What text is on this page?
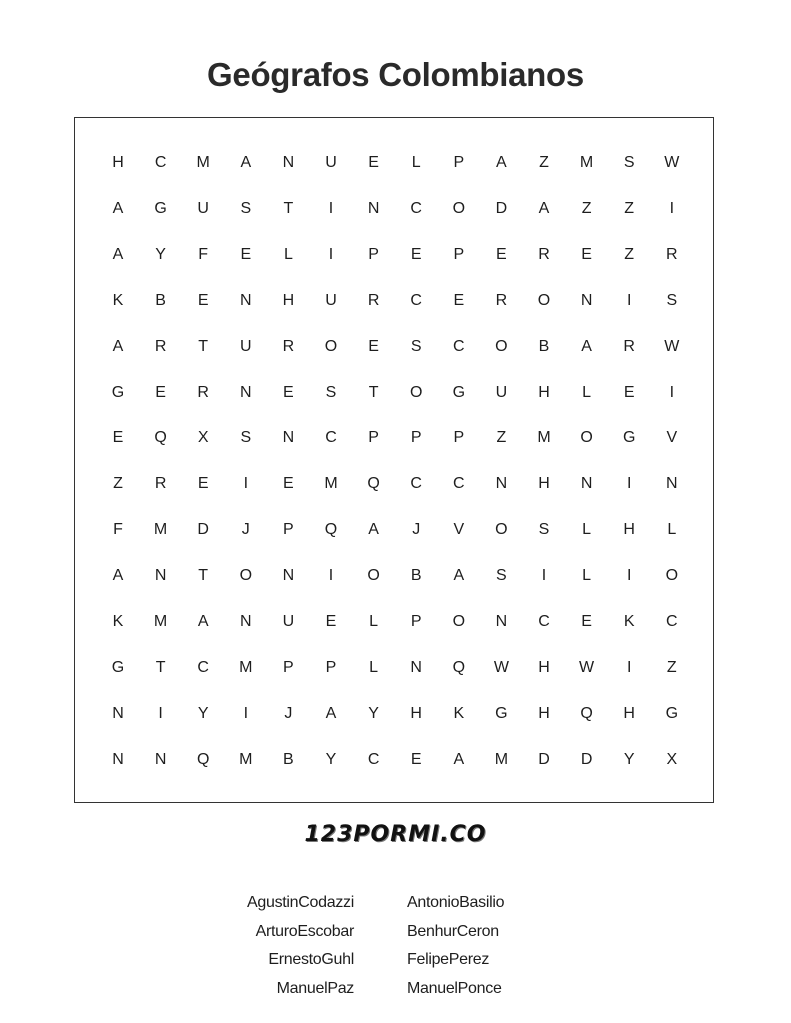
Geógrafos Colombianos
H	C	M	A	N	U	E	L	P	A	Z	M	S	W
A	G	U	S	T	I	N	C	O	D	A	Z	Z	I
A	Y	F	E	L	I	P	E	P	E	R	E	Z	R
K	B	E	N	H	U	R	C	E	R	O	N	I	S
A	R	T	U	R	O	E	S	C	O	B	A	R	W
G	E	R	N	E	S	T	O	G	U	H	L	E	I
E	Q	X	S	N	C	P	P	P	Z	M	O	G	V
Z	R	E	I	E	M	Q	C	C	N	H	N	I	N
F	M	D	J	P	Q	A	J	V	O	S	L	H	L
A	N	T	O	N	I	O	B	A	S	I	L	I	O
K	M	A	N	U	E	L	P	O	N	C	E	K	C
G	T	C	M	P	P	L	N	Q	W	H	W	I	Z
N	I	Y	I	J	A	Y	H	K	G	H	Q	H	G
N	N	Q	M	B	Y	C	E	A	M	D	D	Y	X
123PORMI.CO
AgustinCodazzi
ArturoEscobar
ErnestoGuhl
ManuelPaz
AntonioBasilio
BenhurCeron
FelipePerez
ManuelPonce
